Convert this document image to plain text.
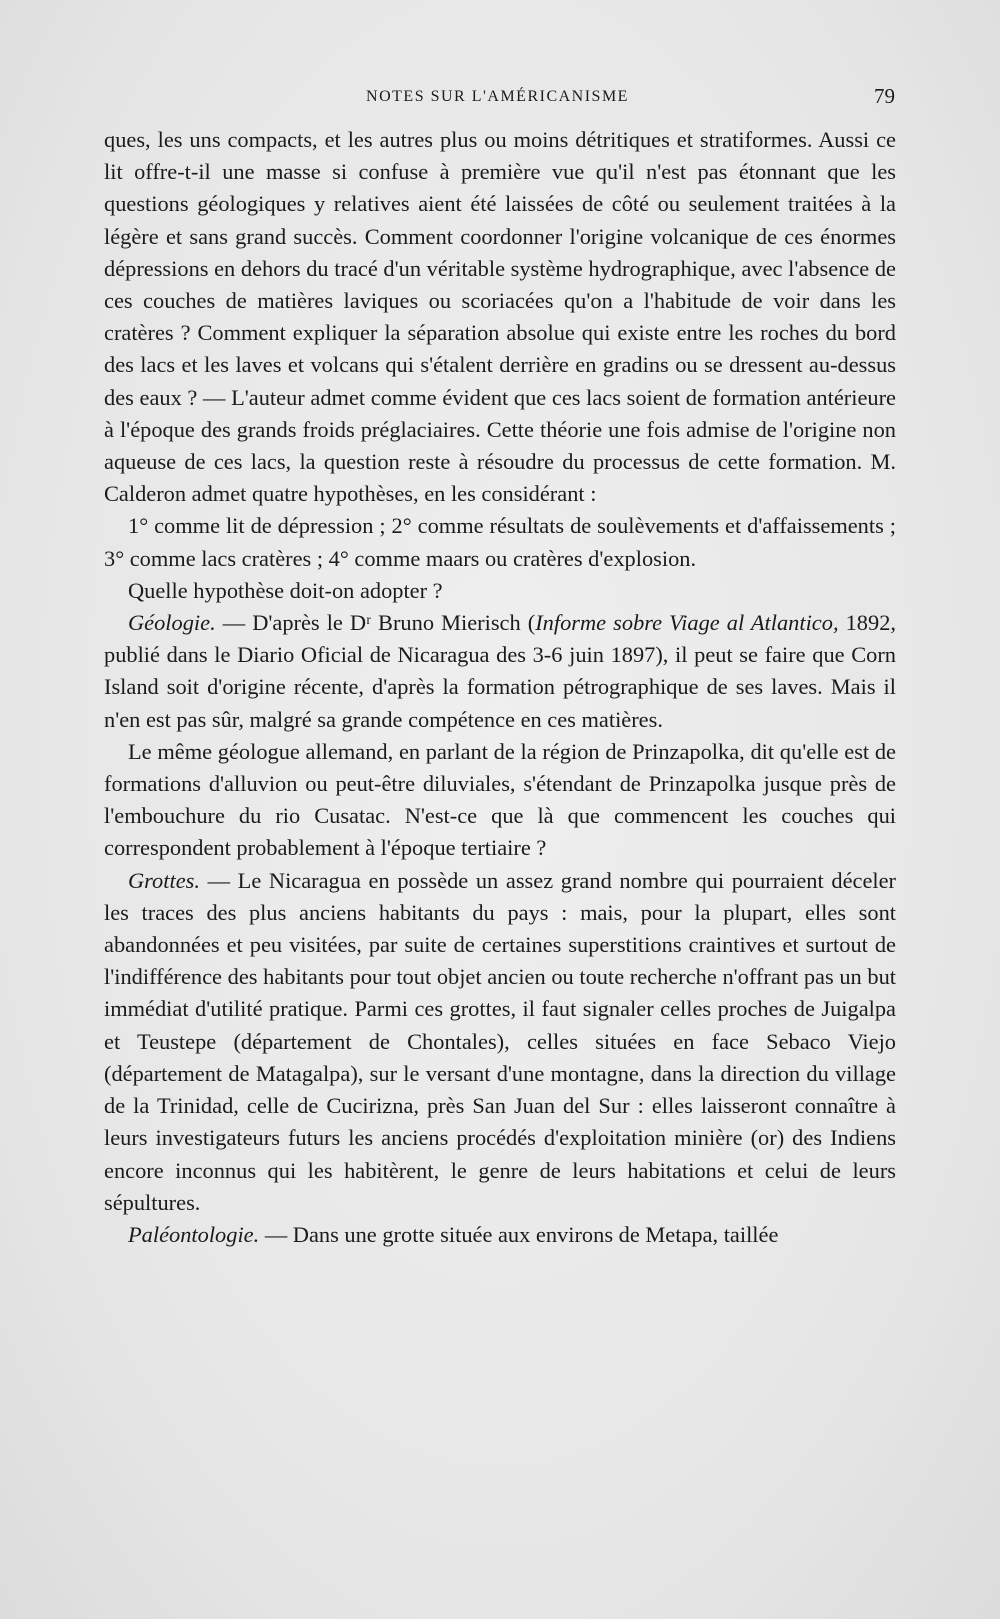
NOTES SUR L'AMÉRICANISME	79

ques, les uns compacts, et les autres plus ou moins détritiques et stratiformes. Aussi ce lit offre-t-il une masse si confuse à première vue qu'il n'est pas étonnant que les questions géologiques y relatives aient été laissées de côté ou seulement traitées à la légère et sans grand succès. Comment coordonner l'origine volcanique de ces énormes dépressions en dehors du tracé d'un véritable système hydrographique, avec l'absence de ces couches de matières laviques ou scoriacées qu'on a l'habitude de voir dans les cratères ? Comment expliquer la séparation absolue qui existe entre les roches du bord des lacs et les laves et volcans qui s'étalent derrière en gradins ou se dressent au-dessus des eaux ? — L'auteur admet comme évident que ces lacs soient de formation antérieure à l'époque des grands froids préglaciaires. Cette théorie une fois admise de l'origine non aqueuse de ces lacs, la question reste à résoudre du processus de cette formation. M. Calderon admet quatre hypothèses, en les considérant :

1° comme lit de dépression ; 2° comme résultats de soulèvements et d'affaissements ; 3° comme lacs cratères ; 4° comme maars ou cratères d'explosion.

Quelle hypothèse doit-on adopter ?

Géologie. — D'après le Dʳ Bruno Mierisch (Informe sobre Viage al Atlantico, 1892, publié dans le Diario Oficial de Nicaragua des 3-6 juin 1897), il peut se faire que Corn Island soit d'origine récente, d'après la formation pétrographique de ses laves. Mais il n'en est pas sûr, malgré sa grande compétence en ces matières.

Le même géologue allemand, en parlant de la région de Prinzapolka, dit qu'elle est de formations d'alluvion ou peut-être diluviales, s'étendant de Prinzapolka jusque près de l'embouchure du rio Cusatac. N'est-ce que là que commencent les couches qui correspondent probablement à l'époque tertiaire ?

Grottes. — Le Nicaragua en possède un assez grand nombre qui pourraient déceler les traces des plus anciens habitants du pays : mais, pour la plupart, elles sont abandonnées et peu visitées, par suite de certaines superstitions craintives et surtout de l'indifférence des habitants pour tout objet ancien ou toute recherche n'offrant pas un but immédiat d'utilité pratique. Parmi ces grottes, il faut signaler celles proches de Juigalpa et Teustepe (département de Chontales), celles situées en face Sebaco Viejo (département de Matagalpa), sur le versant d'une montagne, dans la direction du village de la Trinidad, celle de Cucirizna, près San Juan del Sur : elles laisseront connaître à leurs investigateurs futurs les anciens procédés d'exploitation minière (or) des Indiens encore inconnus qui les habitèrent, le genre de leurs habitations et celui de leurs sépultures.

Paléontologie. — Dans une grotte située aux environs de Metapa, taillée
